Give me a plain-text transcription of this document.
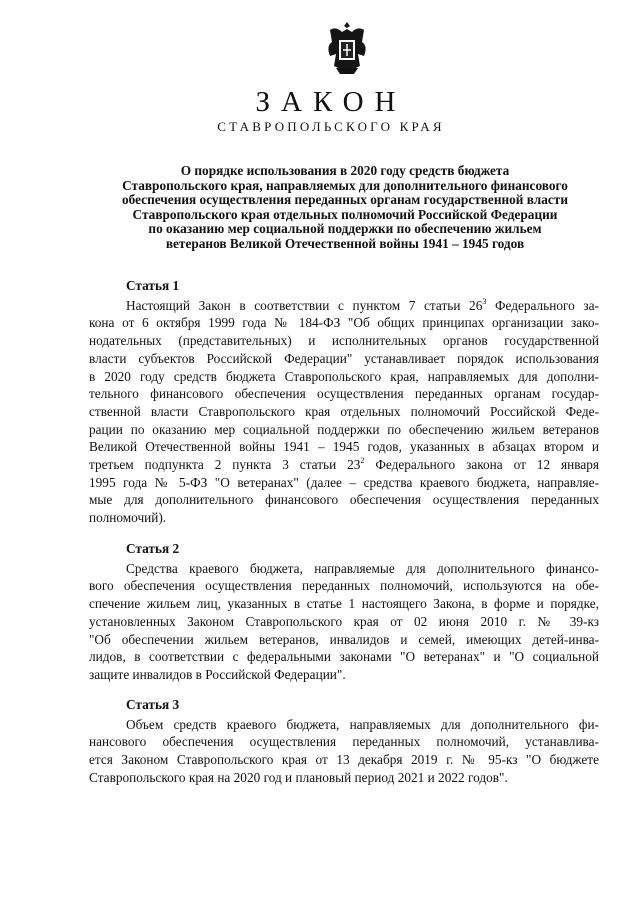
ЗАКОН
СТАВРОПОЛЬСКОГО КРАЯ
О порядке использования в 2020 году средств бюджета
Ставропольского края, направляемых для дополнительного финансового
обеспечения осуществления переданных органам государственной власти
Ставропольского края отдельных полномочий Российской Федерации
по оказанию мер социальной поддержки по обеспечению жильем
ветеранов Великой Отечественной войны 1941 – 1945 годов
Статья 1
Настоящий Закон в соответствии с пунктом 7 статьи $26^3$ Федерального за-
кона от 6 октября 1999 года № 184-ФЗ "Об общих принципах организации зако-
нодательных (представительных) и исполнительных органов государственной
власти субъектов Российской Федерации" устанавливает порядок использования
в 2020 году средств бюджета Ставропольского края, направляемых для дополни-
тельного финансового обеспечения осуществления переданных органам государ-
ственной власти Ставропольского края отдельных полномочий Российской Феде-
рации по оказанию мер социальной поддержки по обеспечению жильем ветеранов
Великой Отечественной войны 1941 – 1945 годов, указанных в абзацах втором и
третьем подпункта 2 пункта 3 статьи $23^2$ Федерального закона от 12 января
1995 года № 5-ФЗ "О ветеранах" (далее – средства краевого бюджета, направляе-
мые для дополнительного финансового обеспечения осуществления переданных
полномочий).
Статья 2
Средства краевого бюджета, направляемые для дополнительного финансо-
вого обеспечения осуществления переданных полномочий, используются на обе-
спечение жильем лиц, указанных в статье 1 настоящего Закона, в форме и порядке,
установленных Законом Ставропольского края от 02 июня 2010 г. № 39-кз
"Об обеспечении жильем ветеранов, инвалидов и семей, имеющих детей-инва-
лидов, в соответствии с федеральными законами "О ветеранах" и "О социальной
защите инвалидов в Российской Федерации".
Статья 3
Объем средств краевого бюджета, направляемых для дополнительного фи-
нансового обеспечения осуществления переданных полномочий, устанавлива-
ется Законом Ставропольского края от 13 декабря 2019 г. № 95-кз "О бюджете
Ставропольского края на 2020 год и плановый период 2021 и 2022 годов".
